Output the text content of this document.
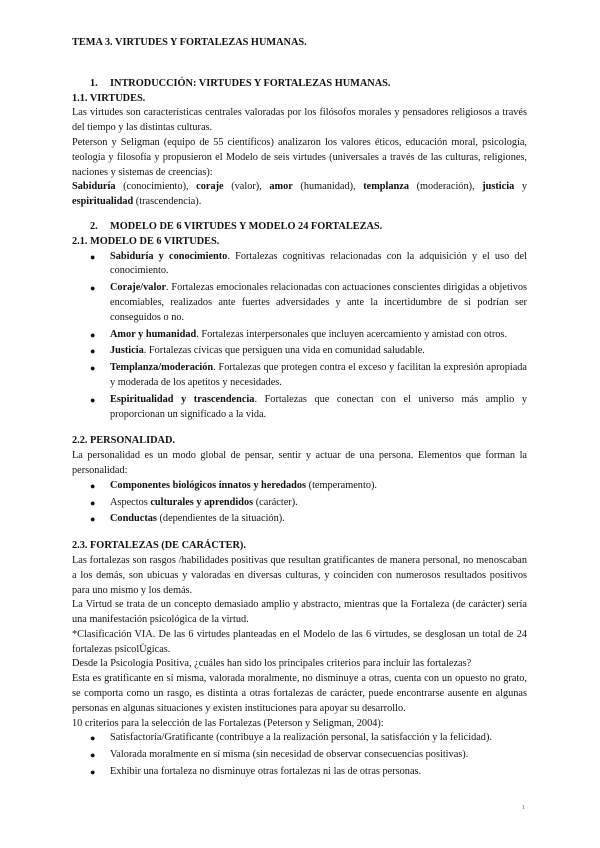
TEMA 3. VIRTUDES Y FORTALEZAS HUMANAS.
1. INTRODUCCIÓN: VIRTUDES Y FORTALEZAS HUMANAS.
1.1. VIRTUDES.

Las virtudes son características centrales valoradas por los filósofos morales y pensadores religiosos a través del tiempo y las distintas culturas.

Peterson y Seligman (equipo de 55 científicos) analizaron los valores éticos, educación moral, psicología, teología y filosofía y propusieron el Modelo de seis virtudes (universales a través de las culturas, religiones, naciones y sistemas de creencias):

Sabiduría (conocimiento), coraje (valor), amor (humanidad), templanza (moderación), justicia y espiritualidad (trascendencia).

2. MODELO DE 6 VIRTUDES Y MODELO 24 FORTALEZAS.
2.1. MODELO DE 6 VIRTUDES.
● Sabiduría y conocimiento. Fortalezas cognitivas relacionadas con la adquisición y el uso del conocimiento.
● Coraje/valor. Fortalezas emocionales relacionadas con actuaciones conscientes dirigidas a objetivos encomiables, realizados ante fuertes adversidades y ante la incertidumbre de si podrían ser conseguidos o no.
● Amor y humanidad. Fortalezas interpersonales que incluyen acercamiento y amistad con otros.
● Justicia. Fortalezas cívicas que persiguen una vida en comunidad saludable.
● Templanza/moderación. Fortalezas que protegen contra el exceso y facilitan la expresión apropiada y moderada de los apetitos y necesidades.
● Espiritualidad y trascendencia. Fortalezas que conectan con el universo más amplio y proporcionan un significado a la vida.
2.2. PERSONALIDAD.

La personalidad es un modo global de pensar, sentir y actuar de una persona. Elementos que forman la personalidad:

● Componentes biológicos innatos y heredados (temperamento).
● Aspectos culturales y aprendidos (carácter).
● Conductas (dependientes de la situación).
2.3. FORTALEZAS (DE CARÁCTER).

Las fortalezas son rasgos /habilidades positivas que resultan gratificantes de manera personal, no menoscaban a los demás, son ubicuas y valoradas en diversas culturas, y coinciden con numerosos resultados positivos para uno mismo y los demás.

La Virtud se trata de un concepto demasiado amplio y abstracto, mientras que la Fortaleza (de carácter) sería una manifestación psicológica de la virtud.

*Clasificación VIA. De las 6 virtudes planteadas en el Modelo de las 6 virtudes, se desglosan un total de 24 fortalezas psicolÜgicas.

Desde la Psicología Positiva, ¿cuáles han sido los principales criterios para incluir las fortalezas?

Esta es gratificante en sí misma, valorada moralmente, no disminuye a otras, cuenta con un opuesto no grato, se comporta como un rasgo, es distinta a otras fortalezas de carácter, puede encontrarse ausente en algunas personas en algunas situaciones y existen instituciones para apoyar su desarrollo.

10 criterios para la selección de las Fortalezas (Peterson y Seligman, 2004):

● Satisfactoria/Gratificante (contribuye a la realización personal, la satisfacción y la felicidad).
● Valorada moralmente en sí misma (sin necesidad de observar consecuencias positivas).
● Exhibir una fortaleza no disminuye otras fortalezas ni las de otras personas.
1
